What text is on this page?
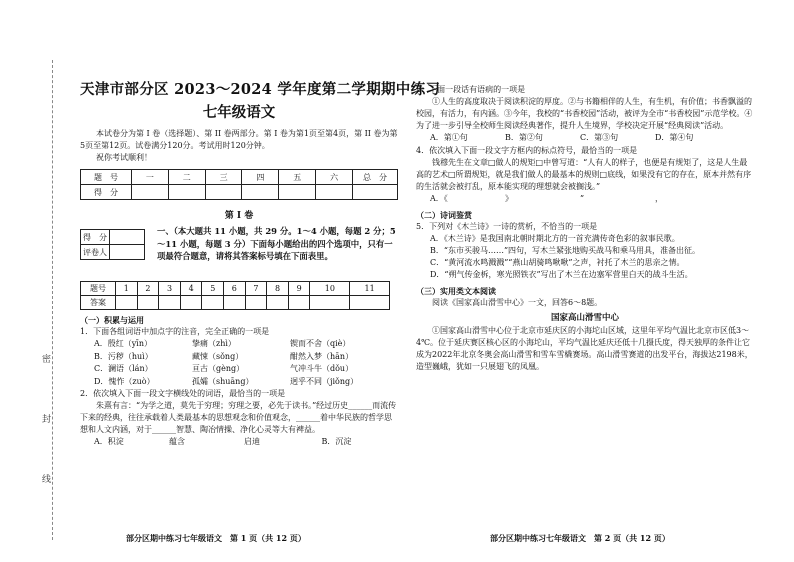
密
封
线

天津市部分区 2023～2024 学年度第二学期期中练习

七年级语文

本试卷分为第 I 卷（选择题）、第 II 卷两部分。第 I 卷为第1页至第4页，第 II 卷为第5页至第12页。试卷满分120分。考试用时120分钟。

祝你考试顺利！

题　号	一	二	三	四	五	六	总　分
得　分							

第 I 卷

得　分	
评卷人	

一、（本大题共 11 小题，共 29 分。1～4 小题，每题 2 分；5～11 小题，每题 3 分）下面每小题给出的四个选项中，只有一项最符合题意，请将其答案标号填在下面表里。

题号	1	2	3	4	5	6	7	8	9	10	11
答案											

（一）积累与运用

1．下面各组词语中加点字的注音，完全正确的一项是

A．殷红（yīn）	挚痛（zhì）	锲而不舍（qiè）
B．污秽（huì）	藏悚（sǒng）	酣然入梦（hān）
C．澜语（lán）	亘古（gèng）	气冲斗牛（dǒu）
D．愧怍（zuò）	孤孀（shuāng）	迥乎不同（jiǒng）

2．依次填入下面一段文字横线处的词语，最恰当的一项是

朱熹有言：“为学之道，莫先于穷理；穷理之要，必先于读书。”经过历史______而流传下来的经典，往往承载着人类最基本的思想观念和价值观念，______着中华民族的哲学思想和人文内涵，对于______智慧、陶冶情操、净化心灵等大有裨益。

A．积淀	蕴含	启迪	B．沉淀
部分区期中练习七年级语文　第 1 页（共 12 页）

3．下面一段话有语病的一项是

①人生的高度取决于阅读积淀的厚度。②与书籍相伴的人生，有生机，有价值；书香飘溢的校园，有活力，有内涵。③今年，我校的“书香校园”活动，被评为全市“书香校园”示范学校。④为了进一步引导全校师生阅读经典著作，提升人生境界，学校决定开展“经典阅读”活动。

A．第①句	B．第②句	C．第③句	D．第④句

4．依次填入下面一段文字方框内的标点符号，最恰当的一项是

钱穆先生在文章□做人的规矩□中曾写道：“人有人的样子，也便是有规矩了，这是人生最高的艺术□所谓规矩，就是我们做人的最基本的规则□底线，如果没有它的存在，原本并然有序的生活就会被打乱，原本能实现的理想就会被搁浅。”

A．《	》	”	，

（二）诗词鉴赏

5．下列对《木兰诗》一诗的赏析，不恰当的一项是

A．《木兰诗》是我国南北朝时期北方的一首充满传奇色彩的叙事民歌。

B．“东市买骏马……”四句，写木兰紧张地购买战马和乘马用具，准备出征。

C．“黄河流水鸣溅溅”“燕山胡骑鸣啾啾”之声，衬托了木兰的思亲之情。

D．“朔气传金柝，寒光照铁衣”写出了木兰在边塞军营里白天的战斗生活。

（三）实用类文本阅读

阅读《国家高山滑雪中心》一文，回答6～8题。

国家高山滑雪中心

①国家高山滑雪中心位于北京市延庆区的小海坨山区域，这里年平均气温比北京市区低3～4℃。位于延庆赛区核心区的小海坨山，平均气温比延庆还低十几摄氏度，得天独厚的条件让它成为2022年北京冬奥会高山滑雪和雪车雪橇赛场。高山滑雪赛道的出发平台，海拔达2198米，造型巍峨，犹如一只展翅飞的凤凰。

部分区期中练习七年级语文　第 2 页（共 12 页）
